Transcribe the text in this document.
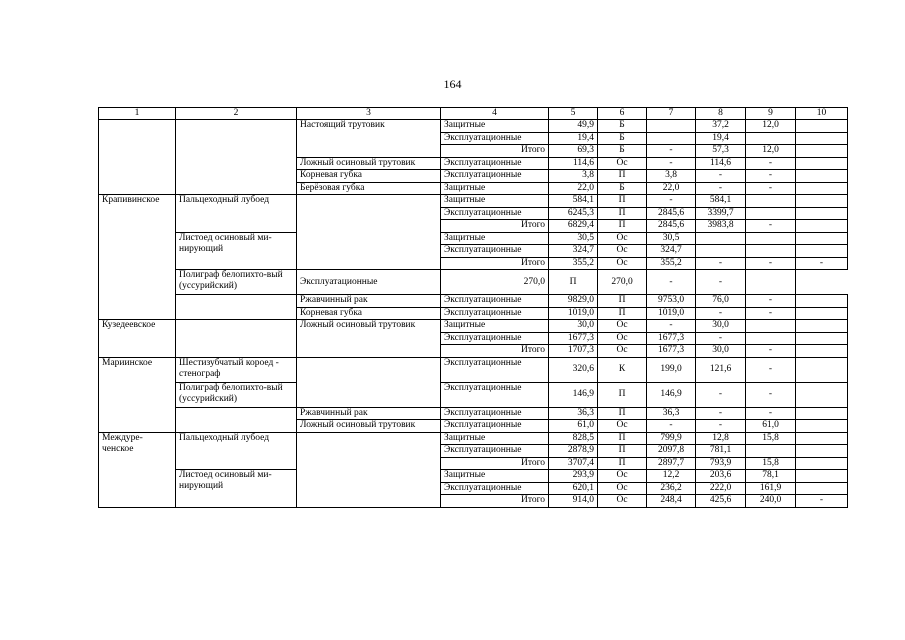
164
1	2	3	4	5	6	7	8	9	10
		Настоящий трутовик	Защитные	49,9	Б		37,2	12,0	
			Эксплуатационные	19,4	Б		19,4		
			Итого	69,3	Б	-	57,3	12,0	
		Ложный осиновый трутовик	Эксплуатационные	114,6	Ос	-	114,6	-	
		Корневая губка	Эксплуатационные	3,8	П	3,8	-	-	
		Берёзовая губка	Защитные	22,0	Б	22,0	-	-	
Крапивинское	Пальцеходный лубоед		Защитные	584,1	П	-	584,1		
			Эксплуатационные	6245,3	П	2845,6	3399,7		
			Итого	6829,4	П	2845,6	3983,8	-	
	Листоед осиновый ми-нирующий		Защитные	30,5	Ос	30,5			
			Эксплуатационные	324,7	Ос	324,7			
			Итого	355,2	Ос	355,2	-	-	-
	Полиграф белопихто-вый (уссурийский)	Эксплуатационные	270,0	П	270,0	-	-		
		Ржавчинный рак	Эксплуатационные	9829,0	П	9753,0	76,0	-	
		Корневая губка	Эксплуатационные	1019,0	П	1019,0	-	-	
Кузедеевское		Ложный осиновый трутовик	Защитные	30,0	Ос	-	30,0		
			Эксплуатационные	1677,3	Ос	1677,3	-		
			Итого	1707,3	Ос	1677,3	30,0	-	
Мариинское	Шестизубчатый короед - стенограф		Эксплуатационные	320,6	К	199,0	121,6	-	
	Полиграф белопихто-вый (уссурийский)		Эксплуатационные	146,9	П	146,9	-	-	
		Ржавчинный рак	Эксплуатационные	36,3	П	36,3	-	-	
		Ложный осиновый трутовик	Эксплуатационные	61,0	Ос	-	-	61,0	
Междуре-ченское	Пальцеходный лубоед		Защитные	828,5	П	799,9	12,8	15,8	
			Эксплуатационные	2878,9	П	2097,8	781,1		
			Итого	3707,4	П	2897,7	793,9	15,8	
	Листоед осиновый ми-нирующий		Защитные	293,9	Ос	12,2	203,6	78,1	
			Эксплуатационные	620,1	Ос	236,2	222,0	161,9	
			Итого	914,0	Ос	248,4	425,6	240,0	-
